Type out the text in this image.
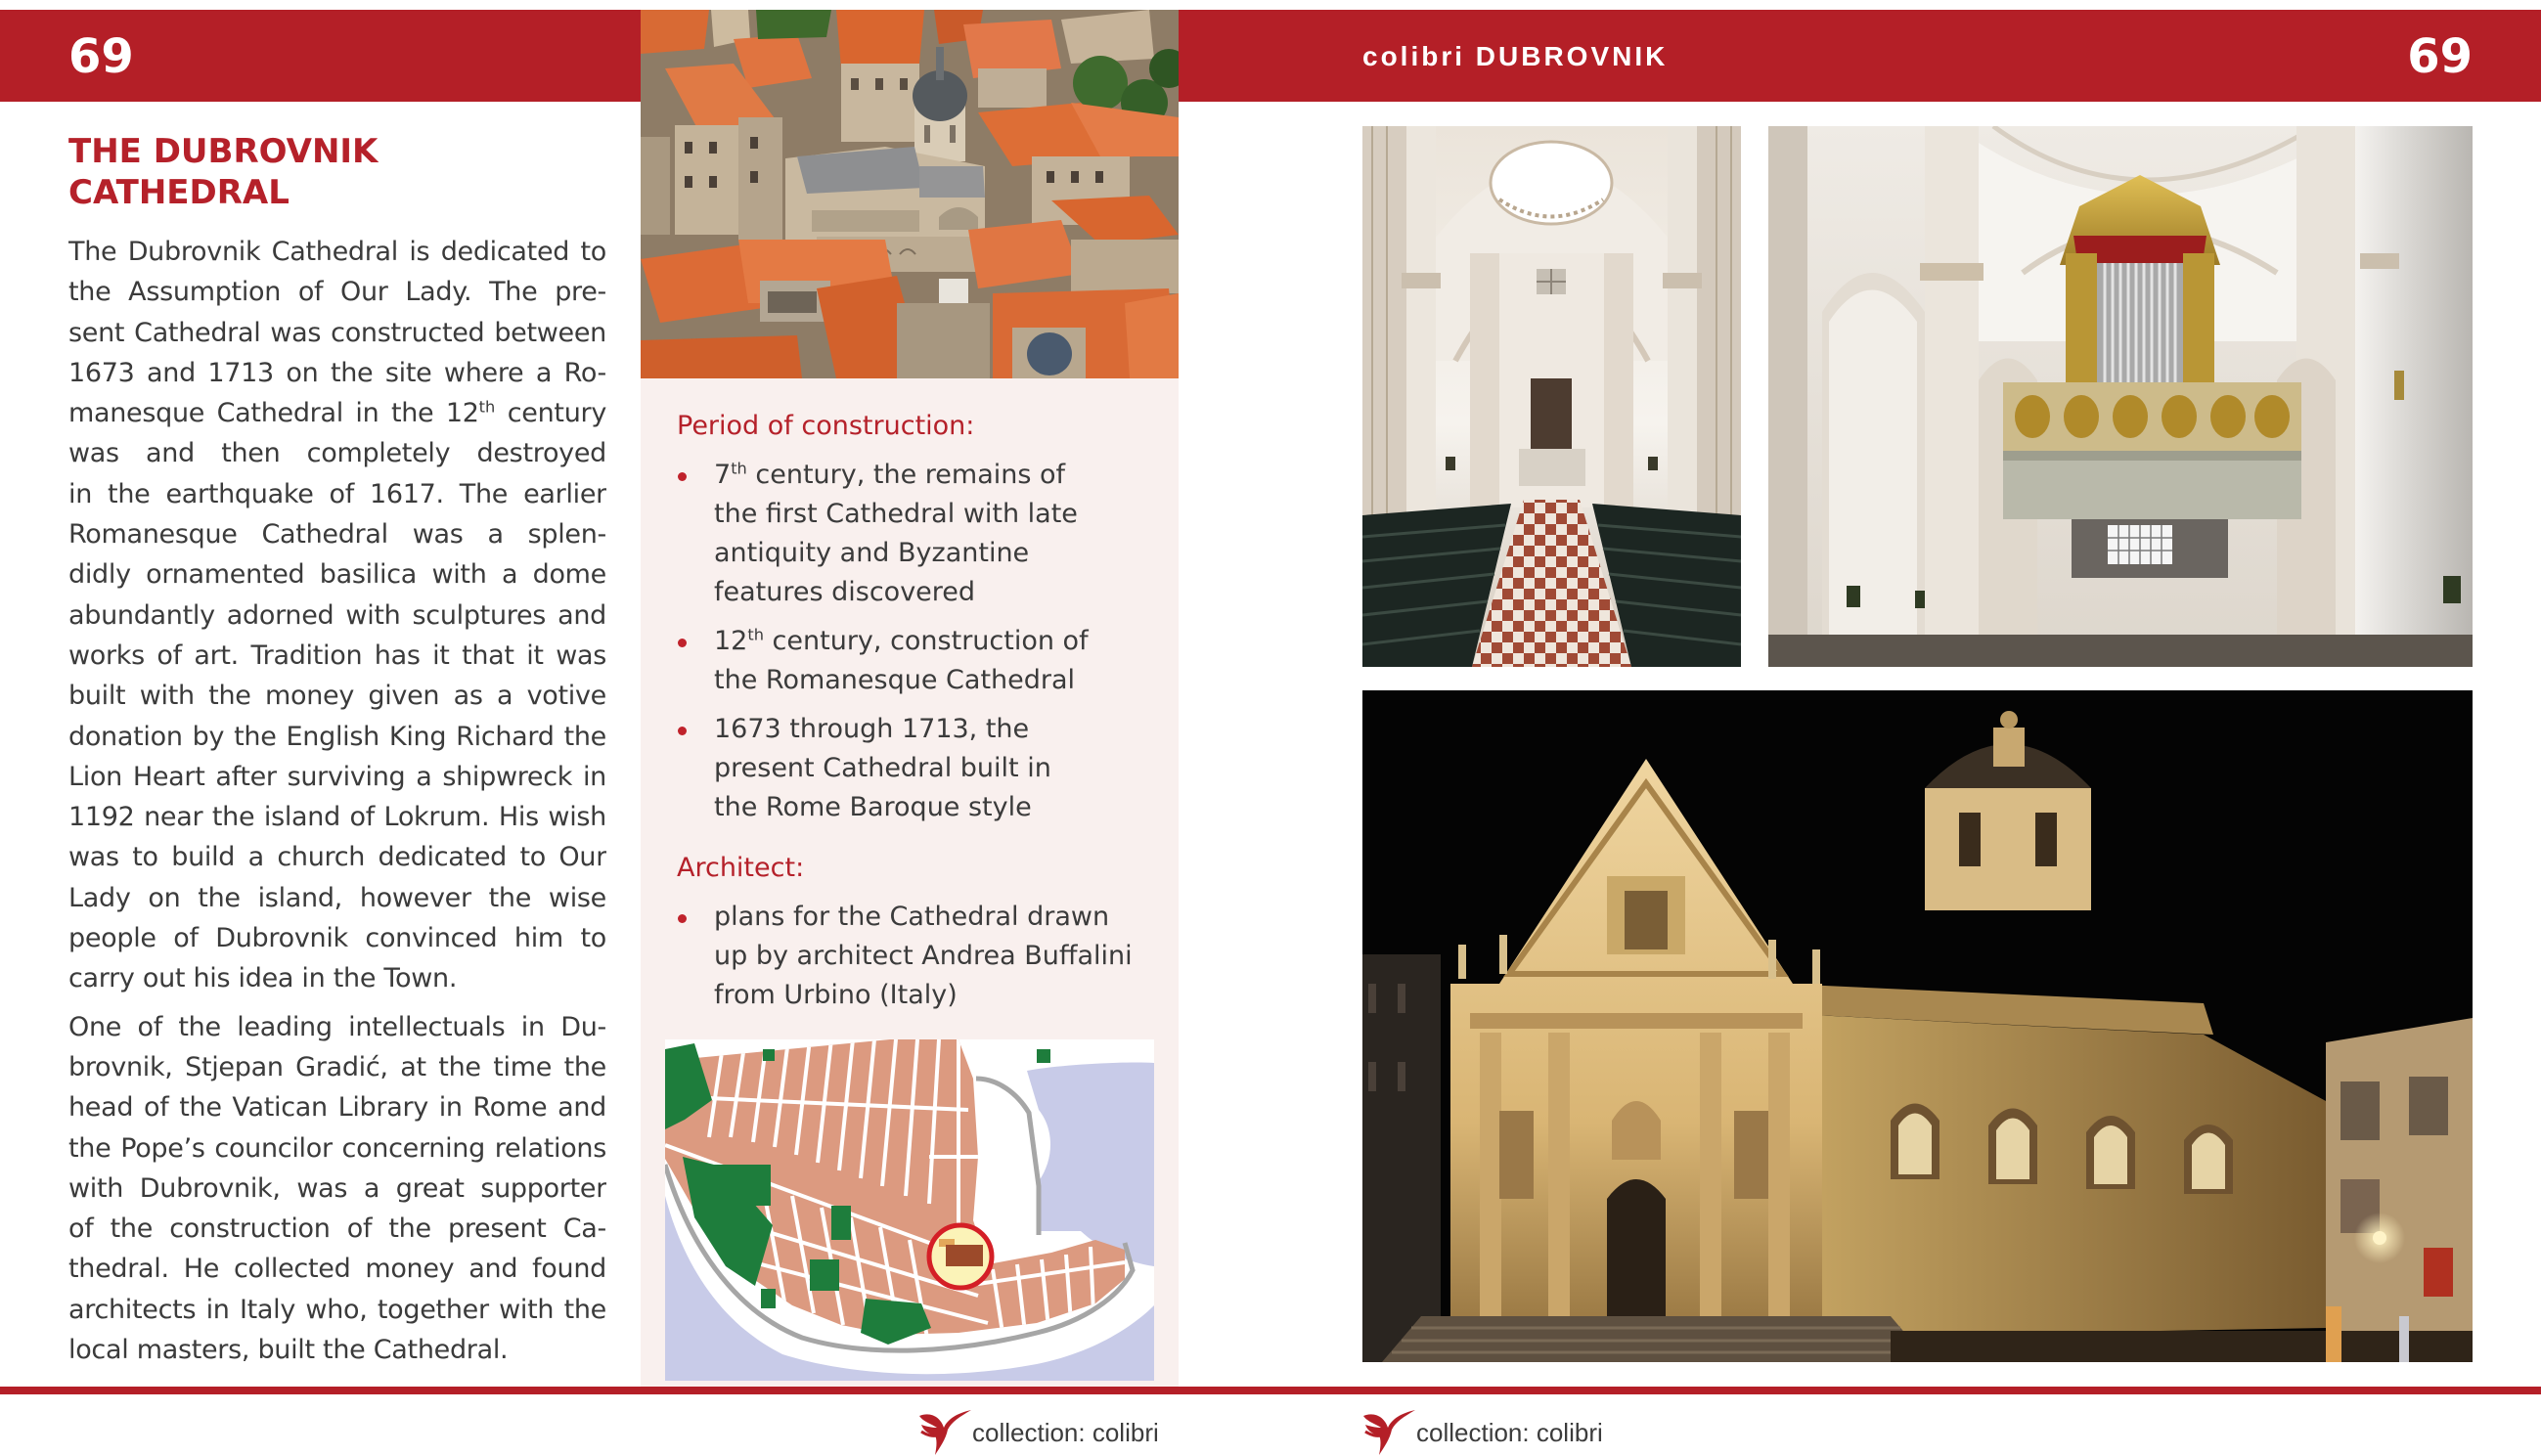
69	colibri DUBROVNIK	69
THE DUBROVNIK
CATHEDRAL
The Dubrovnik Cathedral is dedicated to
the Assumption of Our Lady. The pre-
sent Cathedral was constructed between
1673 and 1713 on the site where a Ro-
manesque Cathedral in the 12th century
was and then completely destroyed
in the earthquake of 1617. The earlier
Romanesque Cathedral was a splen-
didly ornamented basilica with a dome
abundantly adorned with sculptures and
works of art. Tradition has it that it was
built with the money given as a votive
donation by the English King Richard the
Lion Heart after surviving a shipwreck in
1192 near the island of Lokrum. His wish
was to build a church dedicated to Our
Lady on the island, however the wise
people of Dubrovnik convinced him to
carry out his idea in the Town.
One of the leading intellectuals in Du-
brovnik, Stjepan Gradić, at the time the
head of the Vatican Library in Rome and
the Pope’s councilor concerning relations
with Dubrovnik, was a great supporter
of the construction of the present Ca-
thedral. He collected money and found
architects in Italy who, together with the
local masters, built the Cathedral.
Period of construction:
7th century, the remains of
the first Cathedral with late
antiquity and Byzantine
features discovered
12th century, construction of
the Romanesque Cathedral
1673 through 1713, the
present Cathedral built in
the Rome Baroque style
Architect:
plans for the Cathedral drawn
up by architect Andrea Buffalini
from Urbino (Italy)
collection: colibri	collection: colibri
